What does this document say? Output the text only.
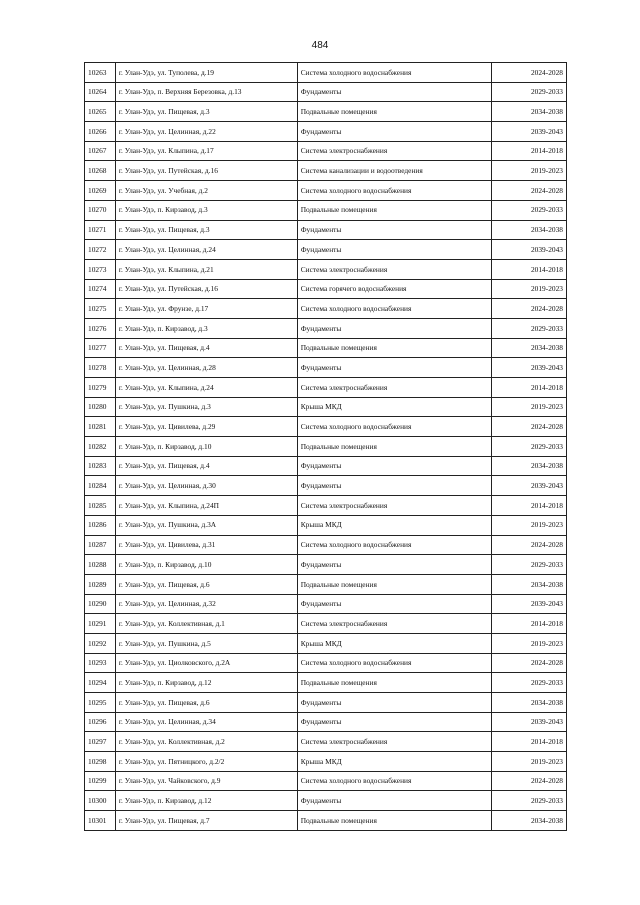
484
10263	г. Улан-Удэ, ул. Туполева, д.19	Система холодного водоснабжения	2024-2028
10264	г. Улан-Удэ, п. Верхняя Березовка, д.13	Фундаменты	2029-2033
10265	г. Улан-Удэ, ул. Пищевая, д.3	Подвальные помещения	2034-2038
10266	г. Улан-Удэ, ул. Целинная, д.22	Фундаменты	2039-2043
10267	г. Улан-Удэ, ул. Клыпина, д.17	Система электроснабжения	2014-2018
10268	г. Улан-Удэ, ул. Путейская, д.16	Система канализации и водоотведения	2019-2023
10269	г. Улан-Удэ, ул. Учебная, д.2	Система холодного водоснабжения	2024-2028
10270	г. Улан-Удэ, п. Кирзавод, д.3	Подвальные помещения	2029-2033
10271	г. Улан-Удэ, ул. Пищевая, д.3	Фундаменты	2034-2038
10272	г. Улан-Удэ, ул. Целинная, д.24	Фундаменты	2039-2043
10273	г. Улан-Удэ, ул. Клыпина, д.21	Система электроснабжения	2014-2018
10274	г. Улан-Удэ, ул. Путейская, д.16	Система горячего водоснабжения	2019-2023
10275	г. Улан-Удэ, ул. Фрунзе, д.17	Система холодного водоснабжения	2024-2028
10276	г. Улан-Удэ, п. Кирзавод, д.3	Фундаменты	2029-2033
10277	г. Улан-Удэ, ул. Пищевая, д.4	Подвальные помещения	2034-2038
10278	г. Улан-Удэ, ул. Целинная, д.28	Фундаменты	2039-2043
10279	г. Улан-Удэ, ул. Клыпина, д.24	Система электроснабжения	2014-2018
10280	г. Улан-Удэ, ул. Пушкина, д.3	Крыша МКД	2019-2023
10281	г. Улан-Удэ, ул. Цивилева, д.29	Система холодного водоснабжения	2024-2028
10282	г. Улан-Удэ, п. Кирзавод, д.10	Подвальные помещения	2029-2033
10283	г. Улан-Удэ, ул. Пищевая, д.4	Фундаменты	2034-2038
10284	г. Улан-Удэ, ул. Целинная, д.30	Фундаменты	2039-2043
10285	г. Улан-Удэ, ул. Клыпина, д.24П	Система электроснабжения	2014-2018
10286	г. Улан-Удэ, ул. Пушкина, д.3А	Крыша МКД	2019-2023
10287	г. Улан-Удэ, ул. Цивилева, д.31	Система холодного водоснабжения	2024-2028
10288	г. Улан-Удэ, п. Кирзавод, д.10	Фундаменты	2029-2033
10289	г. Улан-Удэ, ул. Пищевая, д.6	Подвальные помещения	2034-2038
10290	г. Улан-Удэ, ул. Целинная, д.32	Фундаменты	2039-2043
10291	г. Улан-Удэ, ул. Коллективная, д.1	Система электроснабжения	2014-2018
10292	г. Улан-Удэ, ул. Пушкина, д.5	Крыша МКД	2019-2023
10293	г. Улан-Удэ, ул. Циолковского, д.2А	Система холодного водоснабжения	2024-2028
10294	г. Улан-Удэ, п. Кирзавод, д.12	Подвальные помещения	2029-2033
10295	г. Улан-Удэ, ул. Пищевая, д.6	Фундаменты	2034-2038
10296	г. Улан-Удэ, ул. Целинная, д.34	Фундаменты	2039-2043
10297	г. Улан-Удэ, ул. Коллективная, д.2	Система электроснабжения	2014-2018
10298	г. Улан-Удэ, ул. Пятницкого, д.2/2	Крыша МКД	2019-2023
10299	г. Улан-Удэ, ул. Чайковского, д.9	Система холодного водоснабжения	2024-2028
10300	г. Улан-Удэ, п. Кирзавод, д.12	Фундаменты	2029-2033
10301	г. Улан-Удэ, ул. Пищевая, д.7	Подвальные помещения	2034-2038
